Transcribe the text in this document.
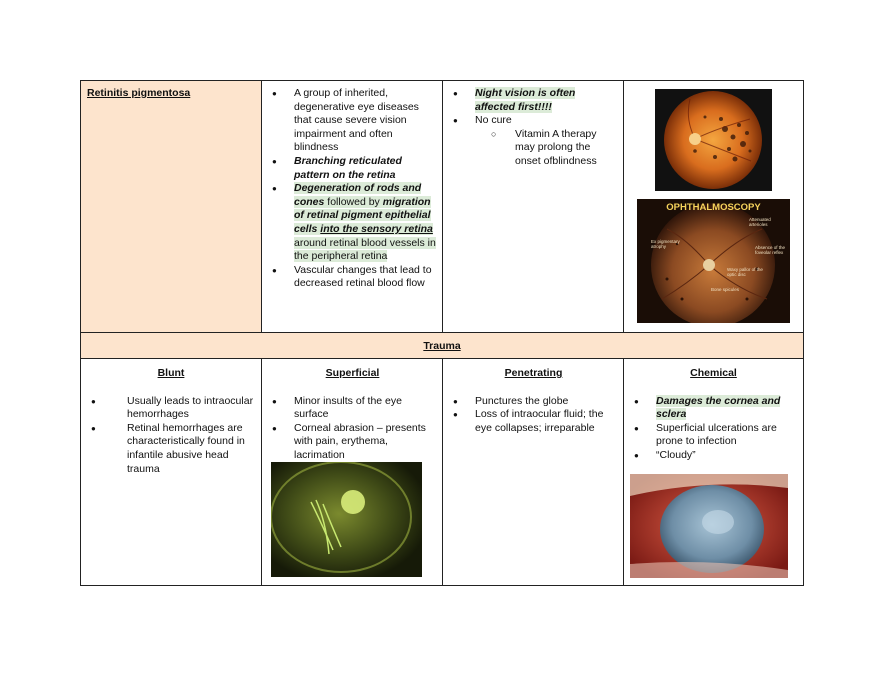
Retinitis pigmentosa
●	A group of inherited, degenerative eye diseases that cause severe vision impairment and often blindness
● Branching reticulated pattern on the retina
● Degeneration of rods and cones followed by migration of retinal pigment epithelial cells into the sensory retina around retinal blood vessels in the peripheral retina
● Vascular changes that lead to decreased retinal blood flow
● Night vision is often affected first!!!!
● No cure
○ Vitamin A therapy may prolong the onset ofblindness
OPHTHALMOSCOPY
Attenuated arterioles
Ex pigmentary atrophy	Absence of the foveolar reflex
Waxy pallor of the optic disc
Bone spicules
Trauma
Blunt
● Usually leads to intraocular hemorrhages
● Retinal hemorrhages are characteristically found in infantile abusive head trauma
Superficial
● Minor insults of the eye surface
● Corneal abrasion – presents with pain, erythema, lacrimation
Penetrating
● Punctures the globe
● Loss of intraocular fluid; the eye collapses; irreparable
Chemical
● Damages the cornea and sclera
● Superficial ulcerations are prone to infection
● “Cloudy”
